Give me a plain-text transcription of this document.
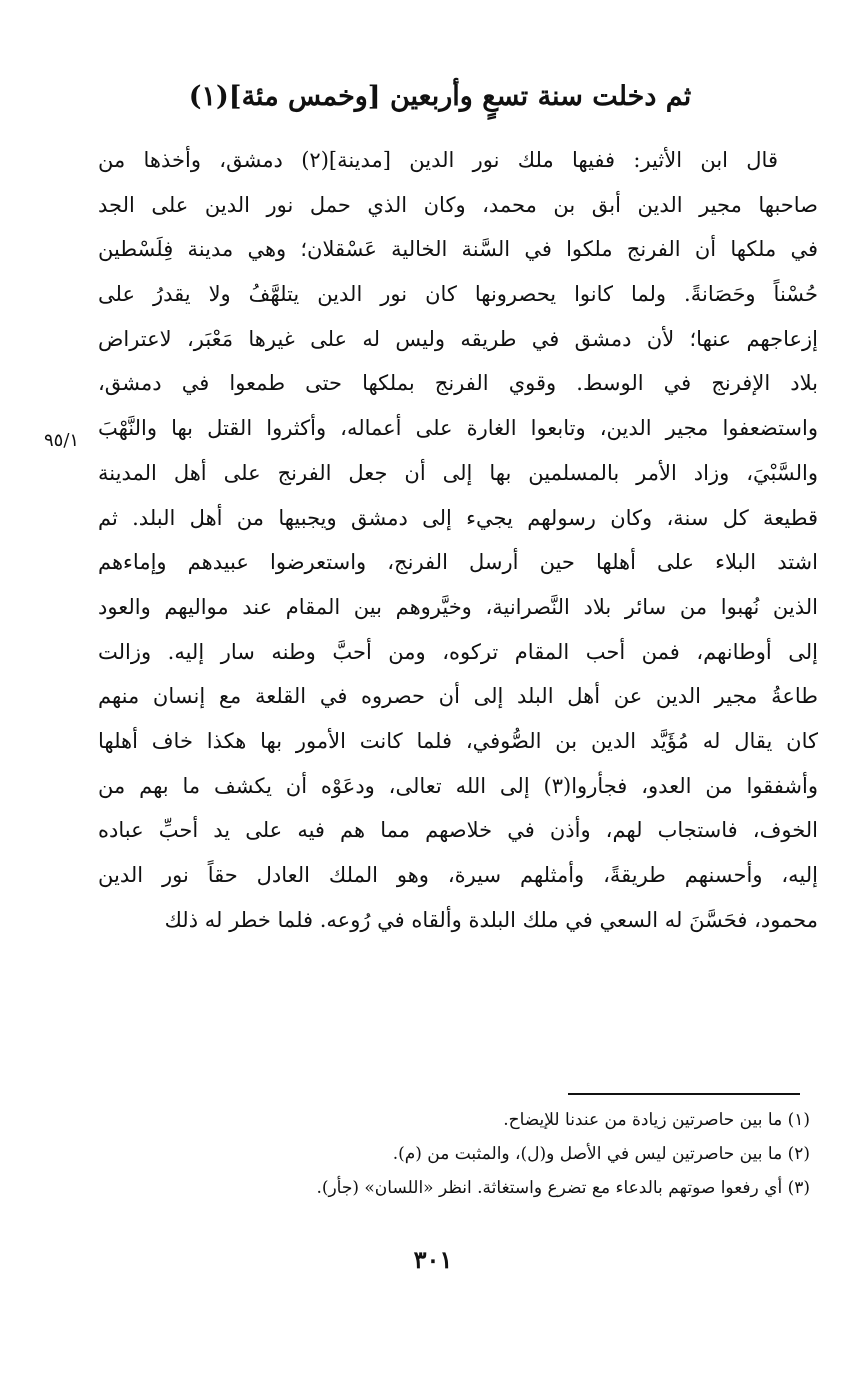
ثم دخلت سنة تسعٍ وأربعين [وخمس مئة](١)
قال ابن الأثير: ففيها ملك نور الدين [مدينة](٢) دمشق، وأخذها من
صاحبها مجير الدين أبق بن محمد، وكان الذي حمل نور الدين على الجد
في ملكها أن الفرنج ملكوا في السَّنة الخالية عَسْقلان؛ وهي مدينة فِلَسْطين
حُسْناً وحَصَانةً. ولما كانوا يحصرونها كان نور الدين يتلهَّفُ ولا يقدرُ على
إزعاجهم عنها؛ لأن دمشق في طريقه وليس له على غيرها مَعْبَر، لاعتراض
بلاد الإفرنج في الوسط. وقوي الفرنج بملكها حتى طمعوا في دمشق،
واستضعفوا مجير الدين، وتابعوا الغارة على أعماله، وأكثروا القتل بها والنَّهْبَ
والسَّبْيَ، وزاد الأمر بالمسلمين بها إلى أن جعل الفرنج على أهل المدينة
قطيعة كل سنة، وكان رسولهم يجيء إلى دمشق ويجبيها من أهل البلد. ثم
اشتد البلاء على أهلها حين أرسل الفرنج، واستعرضوا عبيدهم وإماءهم
الذين نُهبوا من سائر بلاد النَّصرانية، وخيَّروهم بين المقام عند مواليهم والعود
إلى أوطانهم، فمن أحب المقام تركوه، ومن أحبَّ وطنه سار إليه. وزالت
طاعةُ مجير الدين عن أهل البلد إلى أن حصروه في القلعة مع إنسان منهم
كان يقال له مُؤَيَّد الدين بن الصُّوفي، فلما كانت الأمور بها هكذا خاف أهلها
وأشفقوا من العدو، فجأروا(٣) إلى الله تعالى، ودعَوْه أن يكشف ما بهم من
الخوف، فاستجاب لهم، وأذن في خلاصهم مما هم فيه على يد أحبِّ عباده
إليه، وأحسنهم طريقةً، وأمثلهم سيرة، وهو الملك العادل حقاً نور الدين
محمود، فحَسَّنَ له السعي في ملك البلدة وألقاه في رُوعه. فلما خطر له ذلك
٩٥/١
(١) ما بين حاصرتين زيادة من عندنا للإيضاح.
(٢) ما بين حاصرتين ليس في الأصل و(ل)، والمثبت من (م).
(٣) أي رفعوا صوتهم بالدعاء مع تضرع واستغاثة. انظر «اللسان» (جأر).
٣٠١
